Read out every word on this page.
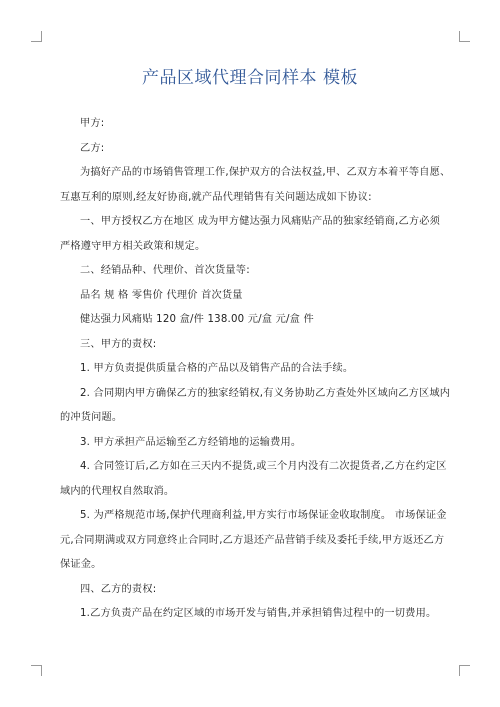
产品区域代理合同样本 模板

甲方:

乙方:

为搞好产品的市场销售管理工作,保护双方的合法权益,甲、乙双方本着平等自愿、

互惠互利的原则,经友好协商,就产品代理销售有关问题达成如下协议:

一、甲方授权乙方在地区 成为甲方健达强力风痛贴产品的独家经销商,乙方必须

严格遵守甲方相关政策和规定。

二、经销品种、代理价、首次货量等:

品名 规 格 零售价 代理价 首次货量

健达强力风痛贴 120 盒/件 138.00 元/盒 元/盒 件

三、甲方的责权:

1. 甲方负责提供质量合格的产品以及销售产品的合法手续。

2. 合同期内甲方确保乙方的独家经销权,有义务协助乙方查处外区域向乙方区域内

的冲货问题。

3. 甲方承担产品运输至乙方经销地的运输费用。

4. 合同签订后,乙方如在三天内不提货,或三个月内没有二次提货者,乙方在约定区

域内的代理权自然取消。

5. 为严格规范市场,保护代理商利益,甲方实行市场保证金收取制度。 市场保证金

元,合同期满或双方同意终止合同时,乙方退还产品营销手续及委托手续,甲方返还乙方

保证金。

四、乙方的责权:

1.乙方负责产品在约定区域的市场开发与销售,并承担销售过程中的一切费用。
